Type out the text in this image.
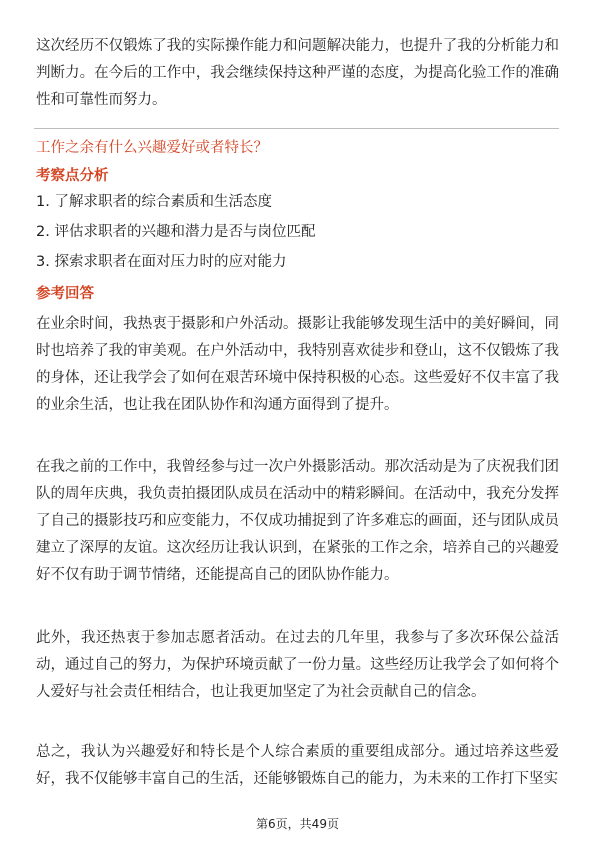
这次经历不仅锻炼了我的实际操作能力和问题解决能力，也提升了我的分析能力和判断力。在今后的工作中，我会继续保持这种严谨的态度，为提高化验工作的准确性和可靠性而努力。

工作之余有什么兴趣爱好或者特长？
考察点分析

1. 了解求职者的综合素质和生活态度

2. 评估求职者的兴趣和潜力是否与岗位匹配

3. 探索求职者在面对压力时的应对能力

参考回答

在业余时间，我热衷于摄影和户外活动。摄影让我能够发现生活中的美好瞬间，同时也培养了我的审美观。在户外活动中，我特别喜欢徒步和登山，这不仅锻炼了我的身体，还让我学会了如何在艰苦环境中保持积极的心态。这些爱好不仅丰富了我的业余生活，也让我在团队协作和沟通方面得到了提升。

在我之前的工作中，我曾经参与过一次户外摄影活动。那次活动是为了庆祝我们团队的周年庆典，我负责拍摄团队成员在活动中的精彩瞬间。在活动中，我充分发挥了自己的摄影技巧和应变能力，不仅成功捕捉到了许多难忘的画面，还与团队成员建立了深厚的友谊。这次经历让我认识到，在紧张的工作之余，培养自己的兴趣爱好不仅有助于调节情绪，还能提高自己的团队协作能力。

此外，我还热衷于参加志愿者活动。在过去的几年里，我参与了多次环保公益活动，通过自己的努力，为保护环境贡献了一份力量。这些经历让我学会了如何将个人爱好与社会责任相结合，也让我更加坚定了为社会贡献自己的信念。

总之，我认为兴趣爱好和特长是个人综合素质的重要组成部分。通过培养这些爱好，我不仅能够丰富自己的生活，还能够锻炼自己的能力，为未来的工作打下坚实

第6页，共49页
